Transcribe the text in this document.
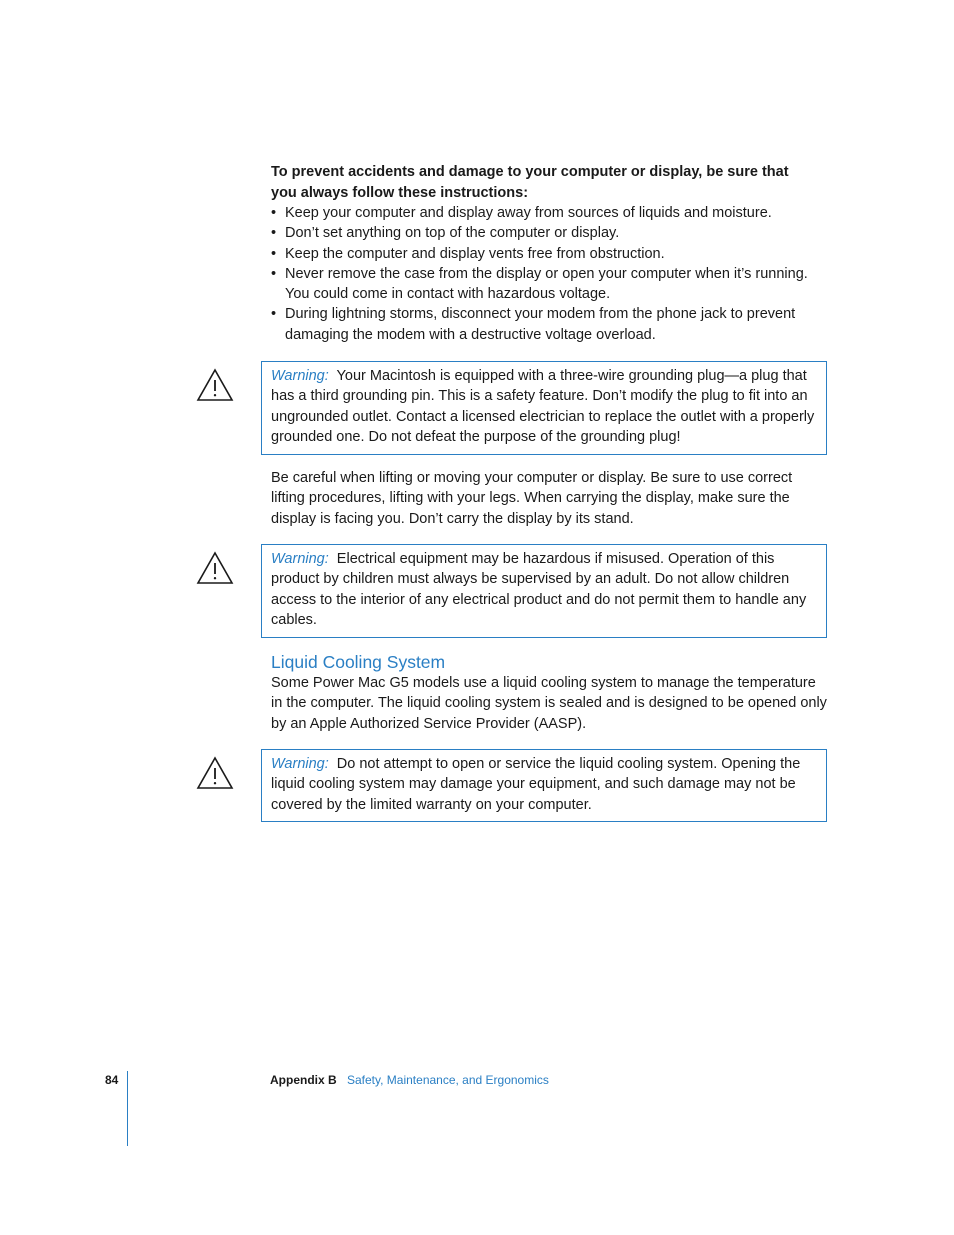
To prevent accidents and damage to your computer or display, be sure that you always follow these instructions:
• Keep your computer and display away from sources of liquids and moisture.
• Don’t set anything on top of the computer or display.
• Keep the computer and display vents free from obstruction.
• Never remove the case from the display or open your computer when it’s running. You could come in contact with hazardous voltage.
• During lightning storms, disconnect your modem from the phone jack to prevent damaging the modem with a destructive voltage overload.
Warning: Your Macintosh is equipped with a three-wire grounding plug—a plug that has a third grounding pin. This is a safety feature. Don’t modify the plug to fit into an ungrounded outlet. Contact a licensed electrician to replace the outlet with a properly grounded one. Do not defeat the purpose of the grounding plug!
Be careful when lifting or moving your computer or display. Be sure to use correct lifting procedures, lifting with your legs. When carrying the display, make sure the display is facing you. Don’t carry the display by its stand.
Warning: Electrical equipment may be hazardous if misused. Operation of this product by children must always be supervised by an adult. Do not allow children access to the interior of any electrical product and do not permit them to handle any cables.
Liquid Cooling System
Some Power Mac G5 models use a liquid cooling system to manage the temperature in the computer. The liquid cooling system is sealed and is designed to be opened only by an Apple Authorized Service Provider (AASP).
Warning: Do not attempt to open or service the liquid cooling system. Opening the liquid cooling system may damage your equipment, and such damage may not be covered by the limited warranty on your computer.
84	Appendix B Safety, Maintenance, and Ergonomics
